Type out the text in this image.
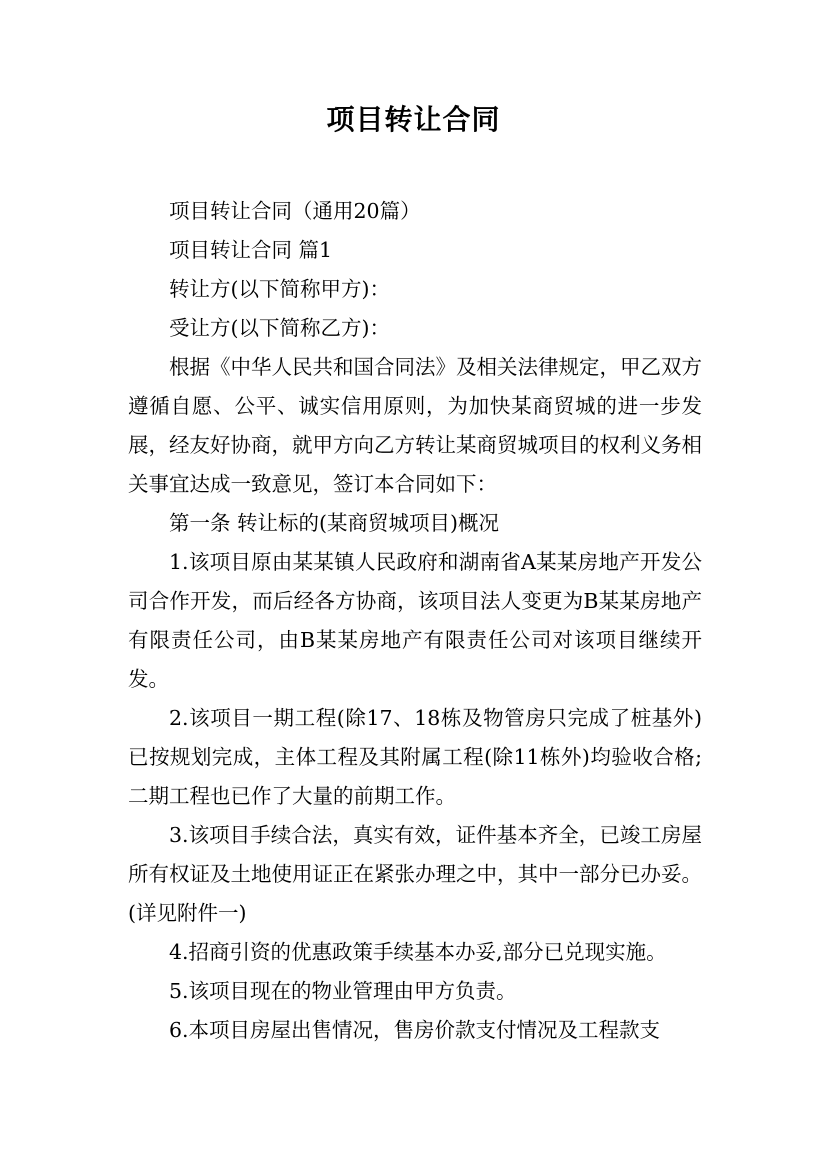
项目转让合同

项目转让合同（通用20篇）

项目转让合同 篇1

转让方(以下简称甲方)：

受让方(以下简称乙方)：

根据《中华人民共和国合同法》及相关法律规定，甲乙双方遵循自愿、公平、诚实信用原则，为加快某商贸城的进一步发展，经友好协商，就甲方向乙方转让某商贸城项目的权利义务相关事宜达成一致意见，签订本合同如下：

第一条 转让标的(某商贸城项目)概况

1.该项目原由某某镇人民政府和湖南省A某某房地产开发公司合作开发，而后经各方协商，该项目法人变更为B某某房地产有限责任公司，由B某某房地产有限责任公司对该项目继续开发。

2.该项目一期工程(除17、18栋及物管房只完成了桩基外)已按规划完成，主体工程及其附属工程(除11栋外)均验收合格;二期工程也已作了大量的前期工作。

3.该项目手续合法，真实有效，证件基本齐全，已竣工房屋所有权证及土地使用证正在紧张办理之中，其中一部分已办妥。(详见附件一)

4.招商引资的优惠政策手续基本办妥,部分已兑现实施。

5.该项目现在的物业管理由甲方负责。

6.本项目房屋出售情况，售房价款支付情况及工程款支
